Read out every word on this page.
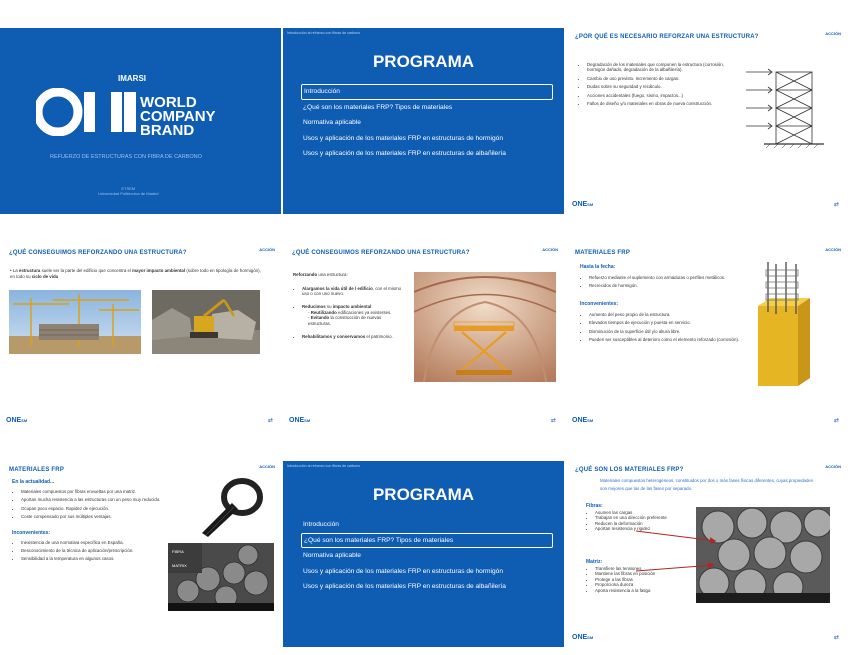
IMARSI
WORLD
COMPANY
BRAND
REFUERZO DE ESTRUCTURAS CON FIBRA DE CARBONO
ETSEM
Universidad Politécnica de Madrid
Introducción al refuerzo con fibras de carbono
PROGRAMA
Introducción
¿Qué son los materiales FRP? Tipos de materiales
Normativa aplicable
Usos y aplicación de los materiales FRP en estructuras de hormigón
Usos y aplicación de los materiales FRP en estructuras de albañilería
¿POR QUÉ ES NECESARIO REFORZAR UNA ESTRUCTURA?
ACCIÓN
• Degradación de los materiales que componen la estructura (corrosión, hormigón dañado, degradación de la albañilería).
• Cambio de uso previsto. Incremento de cargas.
• Dudas sobre su seguridad y recálculo.
• Acciones accidentales (fuego, sismo, impactos...)
• Fallos de diseño y/o materiales en obras de nueva construcción.
ONESM	⇄
¿QUÉ CONSEGUIMOS REFORZANDO UNA ESTRUCTURA?
ACCIÓN
• La estructura suele ser la parte del edificio que concentra el mayor impacto ambiental (sobre todo en tipología de hormigón), en todo su ciclo de vida
ONESM	⇄
¿QUÉ CONSEGUIMOS REFORZANDO UNA ESTRUCTURA?
ACCIÓN
Reforzando una estructura:
• Alargamos la vida útil de l edificio, con el mismo uso o con uno nuevo.
• Reducimos su impacto ambiental
- Reutilizando edificaciones ya existentes.
- Evitando la construcción de nuevas estructuras.
• Rehabilitamos y conservamos el patrimonio.
ONESM	⇄
MATERIALES FRP
ACCIÓN
Hasta la fecha:
• Refuerzo mediante el suplemento con armaduras o perfiles metálicos.
• Recrecidos de hormigón.
Inconvenientes:
• Aumento del peso propio de la estructura.
• Elevados tiempos de ejecución y puesta en servicio.
• Disminución de la superficie útil y/o altura libre.
• Pueden ser susceptibles al deterioro como el elemento reforzado (corrosión).
ONESM	⇄
MATERIALES FRP
ACCIÓN
En la actualidad...
• Materiales compuestos por fibras envueltas por una matriz.
• Aportan mucha resistencia a las estructuras con un peso muy reducido.
• Ocupan poco espacio. Rapidez de ejecución.
• Coste compensado por sus múltiples ventajas.
Inconvenientes:
• Inexistencia de una normativa específica en España.
• Desconocimiento de la técnica de aplicación/prescripción.
• Sensibilidad a la temperatura en algunos casos.
FIBRA
MATRIX
Introducción al refuerzo con fibras de carbono
PROGRAMA
Introducción
¿Qué son los materiales FRP? Tipos de materiales
Normativa aplicable
Usos y aplicación de los materiales FRP en estructuras de hormigón
Usos y aplicación de los materiales FRP en estructuras de albañilería
¿QUÉ SON LOS MATERIALES FRP?
ACCIÓN
Materiales compuestos heterogéneos, constituidos por dos o más fases físicas diferentes, cuyas propiedades son mejores que las de las fases por separado.
Fibras:
• Asumen las cargas
• Trabajan en una dirección preferente
• Reducen la deformación
• Aportan resistencia y rigidez
Matriz:
• Transfiere las tensiones
• Mantiene las fibras en posición
• Protege a las fibras
• Proporciona dureza
• Aporta resistencia a la fatiga
ONESM	⇄
